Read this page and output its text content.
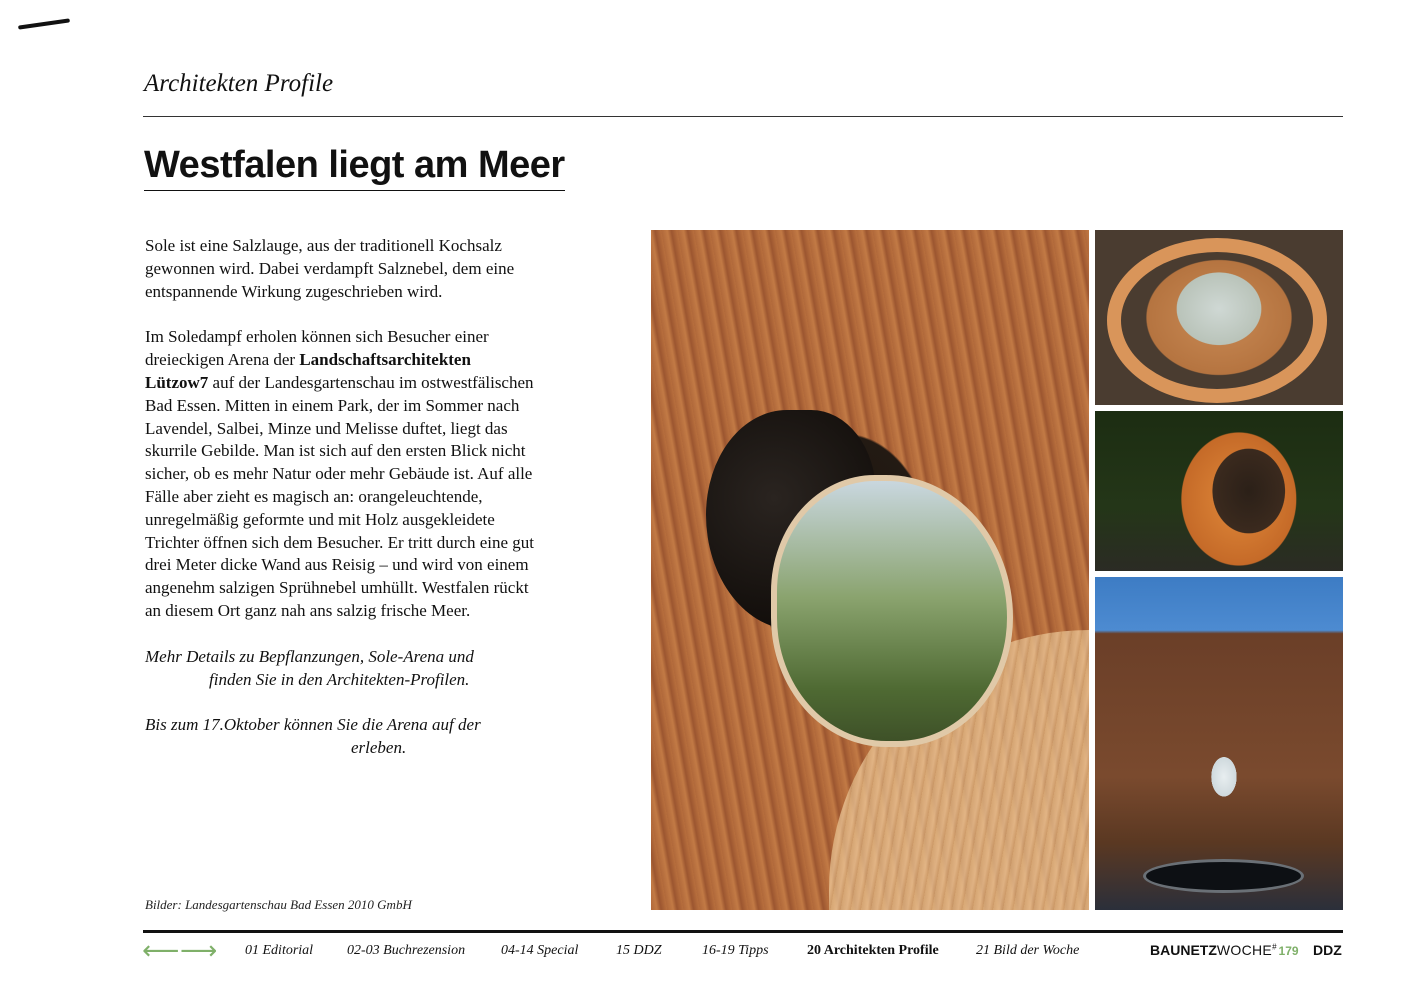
Architekten Profile
Westfalen liegt am Meer

Sole ist eine Salzlauge, aus der traditionell Kochsalz gewonnen wird. Dabei verdampft Salznebel, dem eine entspannende Wirkung zugeschrieben wird.

Im Soledampf erholen können sich Besucher einer dreieckigen Arena der Landschaftsarchitekten Lützow7 auf der Landesgartenschau im ostwestfälischen Bad Essen. Mitten in einem Park, der im Sommer nach Lavendel, Salbei, Minze und Melisse duftet, liegt das skurrile Gebilde. Man ist sich auf den ersten Blick nicht sicher, ob es mehr Natur oder mehr Gebäude ist. Auf alle Fälle aber zieht es magisch an: orangeleuchtende, unregelmäßig geformte und mit Holz ausgekleidete Trichter öffnen sich dem Besucher. Er tritt durch eine gut drei Meter dicke Wand aus Reisig – und wird von einem angenehm salzigen Sprühnebel umhüllt. Westfalen rückt an diesem Ort ganz nah ans salzig frische Meer.

Mehr Details zu Bepflanzungen, Sole-Arena und
finden Sie in den Architekten-Profilen.

Bis zum 17.Oktober können Sie die Arena auf der
erleben.

Bilder: Landesgartenschau Bad Essen 2010 GmbH
⟵ ⟶ 01 Editorial 02-03 Buchrezension	04-14 Special	15 DDZ	16-19 Tipps	20 Architekten Profile	21 Bild der Woche	BAUNETZWOCHE# 179 DDZ
